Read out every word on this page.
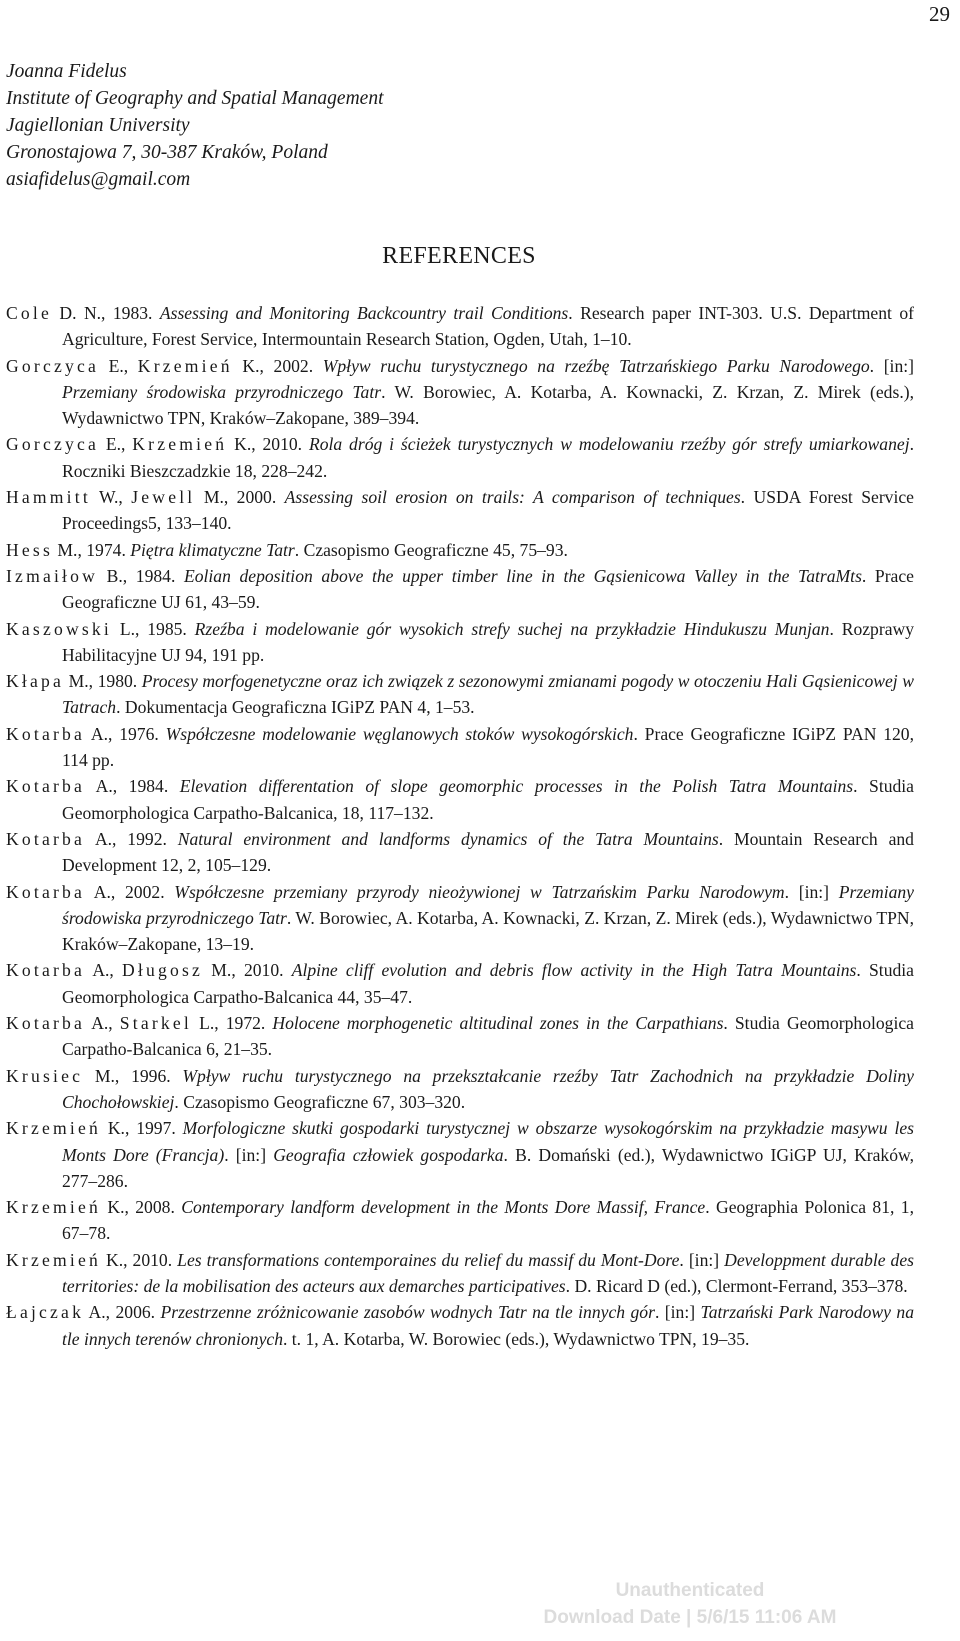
29
Joanna Fidelus
Institute of Geography and Spatial Management
Jagiellonian University
Gronostajowa 7, 30-387 Kraków, Poland
asiafidelus@gmail.com
REFERENCES
Cole D. N., 1983. Assessing and Monitoring Backcountry trail Conditions. Research paper INT-303. U.S. Department of Agriculture, Forest Service, Intermountain Research Station, Ogden, Utah, 1–10.
Gorczyca E., Krzemień K., 2002. Wpływ ruchu turystycznego na rzeźbę Tatrzańskiego Parku Narodowego. [in:] Przemiany środowiska przyrodniczego Tatr. W. Borowiec, A. Kotarba, A. Kownacki, Z. Krzan, Z. Mirek (eds.), Wydawnictwo TPN, Kraków–Zakopane, 389–394.
Gorczyca E., Krzemień K., 2010. Rola dróg i ścieżek turystycznych w modelowaniu rzeźby gór strefy umiarkowanej. Roczniki Bieszczadzkie 18, 228–242.
Hammitt W., Jewell M., 2000. Assessing soil erosion on trails: A comparison of techniques. USDA Forest Service Proceedings5, 133–140.
Hess M., 1974. Piętra klimatyczne Tatr. Czasopismo Geograficzne 45, 75–93.
Izmaiłow B., 1984. Eolian deposition above the upper timber line in the Gąsienicowa Valley in the TatraMts. Prace Geograficzne UJ 61, 43–59.
Kaszowski L., 1985. Rzeźba i modelowanie gór wysokich strefy suchej na przykładzie Hindukuszu Munjan. Rozprawy Habilitacyjne UJ 94, 191 pp.
Kłapa M., 1980. Procesy morfogenetyczne oraz ich związek z sezonowymi zmianami pogody w otoczeniu Hali Gąsienicowej w Tatrach. Dokumentacja Geograficzna IGiPZ PAN 4, 1–53.
Kotarba A., 1976. Współczesne modelowanie węglanowych stoków wysokogórskich. Prace Geograficzne IGiPZ PAN 120, 114 pp.
Kotarba A., 1984. Elevation differentation of slope geomorphic processes in the Polish Tatra Mountains. Studia Geomorphologica Carpatho-Balcanica, 18, 117–132.
Kotarba A., 1992. Natural environment and landforms dynamics of the Tatra Mountains. Mountain Research and Development 12, 2, 105–129.
Kotarba A., 2002. Współczesne przemiany przyrody nieożywionej w Tatrzańskim Parku Narodowym. [in:] Przemiany środowiska przyrodniczego Tatr. W. Borowiec, A. Kotarba, A. Kownacki, Z. Krzan, Z. Mirek (eds.), Wydawnictwo TPN, Kraków–Zakopane, 13–19.
Kotarba A., Długosz M., 2010. Alpine cliff evolution and debris flow activity in the High Tatra Mountains. Studia Geomorphologica Carpatho-Balcanica 44, 35–47.
Kotarba A., Starkel L., 1972. Holocene morphogenetic altitudinal zones in the Carpathians. Studia Geomorphologica Carpatho-Balcanica 6, 21–35.
Krusiec M., 1996. Wpływ ruchu turystycznego na przekształcanie rzeźby Tatr Zachodnich na przykładzie Doliny Chochołowskiej. Czasopismo Geograficzne 67, 303–320.
Krzemień K., 1997. Morfologiczne skutki gospodarki turystycznej w obszarze wysokogórskim na przykładzie masywu les Monts Dore (Francja). [in:] Geografia człowiek gospodarka. B. Domański (ed.), Wydawnictwo IGiGP UJ, Kraków, 277–286.
Krzemień K., 2008. Contemporary landform development in the Monts Dore Massif, France. Geographia Polonica 81, 1, 67–78.
Krzemień K., 2010. Les transformations contemporaines du relief du massif du Mont-Dore. [in:] Developpment durable des territories: de la mobilisation des acteurs aux demarches participatives. D. Ricard D (ed.), Clermont-Ferrand, 353–378.
Łajczak A., 2006. Przestrzenne zróżnicowanie zasobów wodnych Tatr na tle innych gór. [in:] Tatrzański Park Narodowy na tle innych terenów chronionych. t. 1, A. Kotarba, W. Borowiec (eds.), Wydawnictwo TPN, 19–35.
Unauthenticated
Download Date | 5/6/15 11:06 AM
